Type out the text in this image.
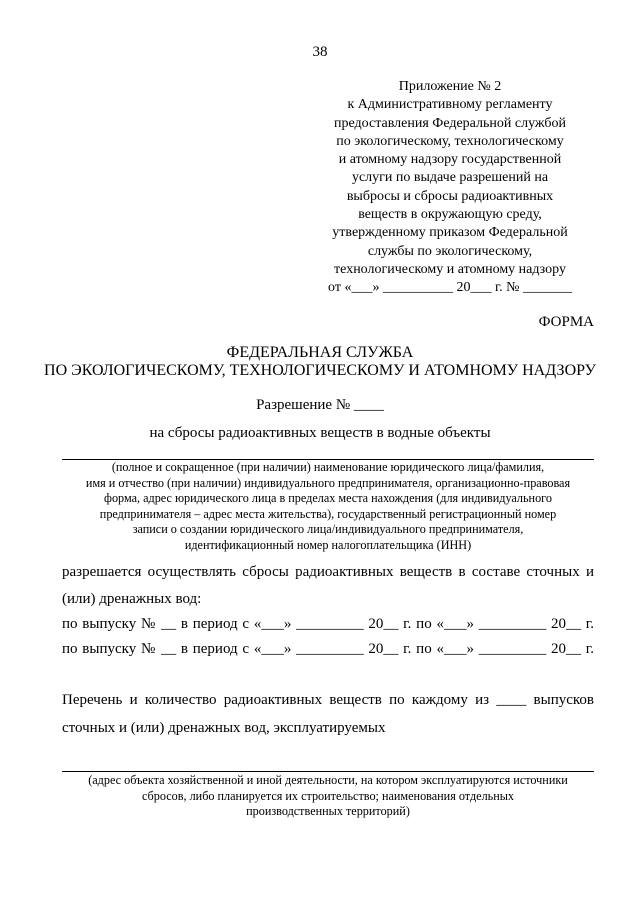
38
Приложение № 2
к Административному регламенту
предоставления Федеральной службой
по экологическому, технологическому
и атомному надзору государственной
услуги по выдаче разрешений на
выбросы и сбросы радиоактивных
веществ в окружающую среду,
утвержденному приказом Федеральной
службы по экологическому,
технологическому и атомному надзору
от «___» __________ 20___ г. № _______
ФОРМА
ФЕДЕРАЛЬНАЯ СЛУЖБА
ПО ЭКОЛОГИЧЕСКОМУ, ТЕХНОЛОГИЧЕСКОМУ И АТОМНОМУ НАДЗОРУ
Разрешение № ____
на сбросы радиоактивных веществ в водные объекты
(полное и сокращенное (при наличии) наименование юридического лица/фамилия,
имя и отчество (при наличии) индивидуального предпринимателя, организационно-правовая
форма, адрес юридического лица в пределах места нахождения (для индивидуального
предпринимателя – адрес места жительства), государственный регистрационный номер
записи о создании юридического лица/индивидуального предпринимателя,
идентификационный номер налогоплательщика (ИНН)
разрешается осуществлять сбросы радиоактивных веществ в составе сточных и
(или) дренажных вод:
по выпуску № __ в период с «___» _________ 20__ г. по «___» _________ 20__ г.
по выпуску № __ в период с «___» _________ 20__ г. по «___» _________ 20__ г.
Перечень и количество радиоактивных веществ по каждому из ____ выпусков
сточных и (или) дренажных вод, эксплуатируемых
(адрес объекта хозяйственной и иной деятельности, на котором эксплуатируются источники
сбросов, либо планируется их строительство; наименования отдельных
производственных территорий)
